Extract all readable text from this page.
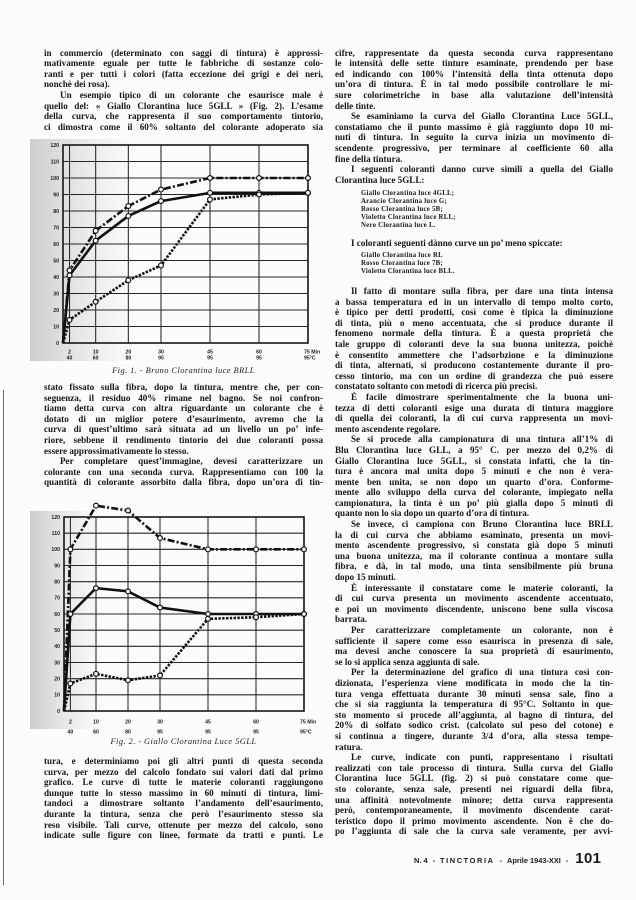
in commercio (determinato con saggi di tintura) è approssi-
mativamente eguale per tutte le fabbriche di sostanze colo-
ranti e per tutti i colori (fatta eccezione dei grigi e dei neri,
nonchè dei rosa).
Un esempio tipico di un colorante che esaurisce male è
quello del: « Giallo Clorantina luce 5GLL » (Fig. 2). L’esame
della curva, che rappresenta il suo comportamento tintorio,
ci dimostra come il 60% soltanto del colorante adoperato sia
0
10
20
30
40
50
60
70
80
90
100
110
120
2
40
10
60
20
80
30
95
45
95
60
95
75 Min
95°C
Fig. 1. - Bruno Clorantina luce BRLL
stato fissato sulla fibra, dopo la tintura, mentre che, per con-
seguenza, il residuo 40% rimane nel bagno. Se noi confron-
tiamo detta curva con altra riguardante un colorante che è
dotato di un miglior potere d’esaurimento, avremo che la
curva di quest’ultimo sarà situata ad un livello un po’ infe-
riore, sebbene il rendimento tintorio dei due coloranti possa
essere approssimativamente lo stesso.
Per completare quest’immagine, devesi caratterizzare un
colorante con una seconda curva. Rappresentiamo con 100 la
quantità di colorante assorbito dalla fibra, dopo un’ora di tin-
0
10
20
30
40
50
60
70
80
90
100
110
120
2
40
10
60
20
80
30
95
45
95
60
95
75 Min
95°C
Fig. 2. - Giallo Clorantina Luce 5GLL
tura, e determiniamo poi gli altri punti di questa seconda
curva, per mezzo del calcolo fondato sui valori dati dal primo
grafico. Le curve di tutte le materie coloranti raggiungono
dunque tutte lo stesso massimo in 60 minuti di tintura, limi-
tandoci a dimostrare soltanto l’andamento dell’esaurimento,
durante la tintura, senza che però l’esaurimento stesso sia
reso visibile. Tali curve, ottenute per mezzo del calcolo, sono
indicate sulle figure con linee, formate da tratti e punti. Le
cifre, rappresentate da questa seconda curva rappresentano
le intensità delle sette tinture esaminate, prendendo per base
ed indicando con 100% l’intensità della tinta ottenuta dopo
un’ora di tintura. È in tal modo possibile controllare le mi-
sure colorimetriche in base alla valutazione dell’intensità
delle tinte.
Se esaminiamo la curva del Giallo Clorantina Luce 5GLL,
constatiamo che il punto massimo è già raggiunto dopo 10 mi-
nuti di tintura. In seguito la curva inizia un movimento di-
scendente progressivo, per terminare al coefficiente 60 alla
fine della tintura.
I seguenti coloranti danno curve simili a quella del Giallo
Clorantina luce 5GLL:
Giallo Clorantina luce 4GLL;
Arancio Clorantina luce G;
Rosso Clorantina luce 5B;
Violetto Clorantina luce RLL;
Nero Clorantina luce L.
I coloranti seguenti dànno curve un po’ meno spiccate:
Giallo Clorantina luce RL
Rosso Clorantina luce 7B;
Violetto Clorantina luce BLL.
Il fatto di montare sulla fibra, per dare una tinta intensa
a bassa temperatura ed in un intervallo di tempo molto corto,
è tipico per detti prodotti, così come è tipica la diminuzione
di tinta, più o meno accentuata, che si produce durante il
fenomeno normale della tintura. È a questa proprietà che
tale gruppo di coloranti deve la sua buona unitezza, poichè
è consentito ammettere che l’adsorbzione e la diminuzione
di tinta, alternati, si producono costantemente durante il pro-
cesso tintorio, ma con un ordine di grandezza che può essere
constatato soltanto con metodi di ricerca più precisi.
È facile dimostrare sperimentalmente che la buona uni-
tezza di detti coloranti esige una durata di tintura maggiore
di quella dei coloranti, la di cui curva rappresenta un movi-
mento ascendente regolare.
Se si procede alla campionatura di una tintura all’1% di
Blu Clorantina luce GLL, a 95° C. per mezzo del 0,2% di
Giallo Clorantina luce 5GLL, si constata infatti, che la tin-
tura è ancora mal unita dopo 5 minuti e che non è vera-
mente ben unita, se non dopo un quarto d’ora. Conforme-
mente allo sviluppo della curva del colorante, impiegato nella
campionatura, la tinta è un po’ più gialla dopo 5 minuti di
quanto non lo sia dopo un quarto d’ora di tintura.
Se invece, ci campiona con Bruno Clorantina luce BRLL
la di cui curva che abbiamo esaminato, presenta un movi-
mento ascendente progressivo, si constata già dopo 5 minuti
una buona unitezza, ma il colorante continua a montare sulla
fibra, e dà, in tal modo, una tinta sensibilmente più bruna
dopo 15 minuti.
È interessante il constatare come le materie coloranti, la
di cui curva presenta un movimento ascendente accentuato,
e poi un movimento discendente, uniscono bene sulla viscosa
barrata.
Per caratterizzare completamente un colorante, non è
sufficiente il sapere come esso esaurisca in presenza di sale,
ma devesi anche conoscere la sua proprietà di esaurimento,
se lo si applica senza aggiunta di sale.
Per la determinazione del grafico di una tintura così con-
dizionata, l’esperienza viene modificata in modo che la tin-
tura venga effettuata durante 30 minuti sensa sale, fino a
che si sia raggiunta la temperatura di 95°C. Soltanto in que-
sto momento si procede all’aggiunta, al bagno di tintura, del
20% di solfato sodico crist. (calcolato sul peso del cotone) e
si continua a tingere, durante 3/4 d’ora, alla stessa tempe-
ratura.
Le curve, indicate con punti, rappresentano i risultati
realizzati con tale processo di tintura. Sulla curva del Giallo
Clorantina luce 5GLL (fig. 2) si può constatare come que-
sto colorante, senza sale, presenti nei riguardi della fibra,
una affinità notevolmente minore; detta curva rappresenta
però, contemporaneamente, il movimento discendente carat-
teristico dopo il primo movimento ascendente. Non è che do-
po l’aggiunta di sale che la curva sale veramente, per avvi-
N. 4 - TINCTORIA - Aprile 1943-XXI - 101
